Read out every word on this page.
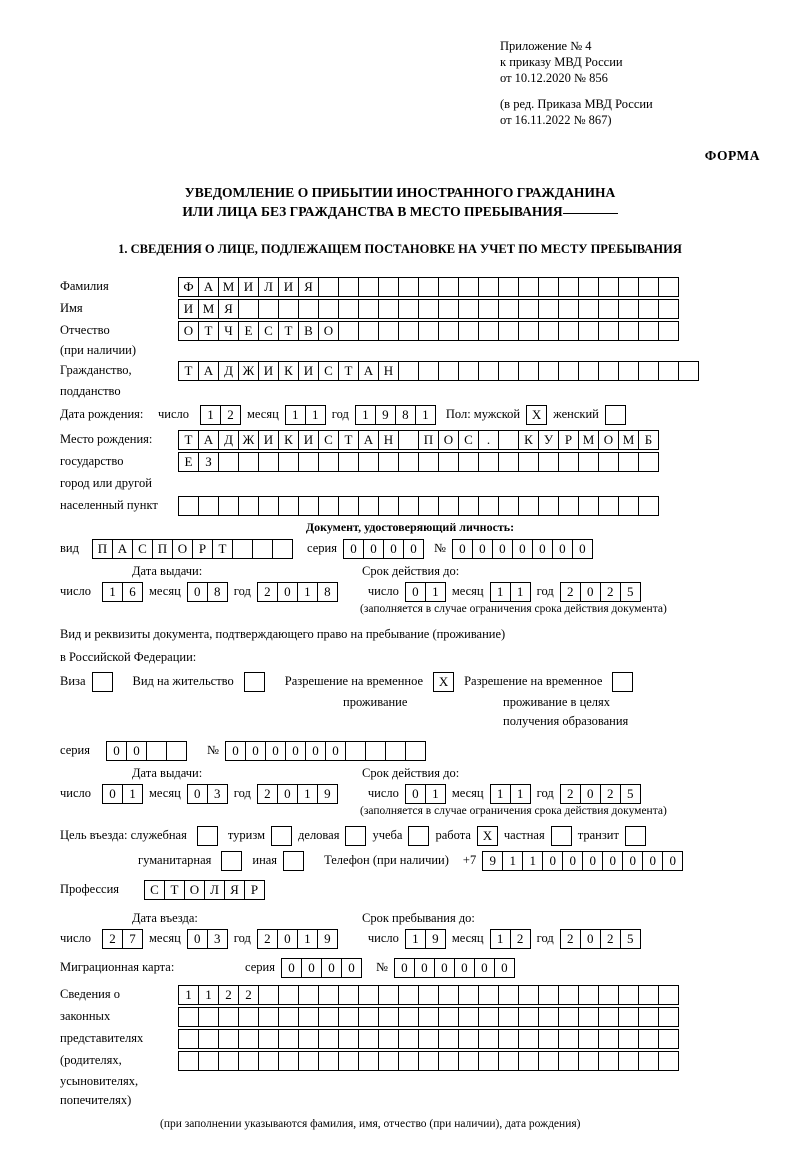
Приложение № 4
к приказу МВД России
от 10.12.2020 № 856
(в ред. Приказа МВД России
от 16.11.2022 № 867)
ФОРМА
УВЕДОМЛЕНИЕ О ПРИБЫТИИ ИНОСТРАННОГО ГРАЖДАНИНА
ИЛИ ЛИЦА БЕЗ ГРАЖДАНСТВА В МЕСТО ПРЕБЫВАНИЯ
1. СВЕДЕНИЯ О ЛИЦЕ, ПОДЛЕЖАЩЕМ ПОСТАНОВКЕ НА УЧЕТ ПО МЕСТУ ПРЕБЫВАНИЯ
Фамилия	Ф А М И Л И Я
Имя	И М Я
Отчество	О Т Ч Е С Т В О
(при наличии)
Гражданство,	Т А Д Ж И К И С Т А Н
подданство
Дата рождения:	число	1	2	месяц	1	1	год	1	9	8	1	Пол: мужской X женский
Место рождения:	Т А Д Ж И К И С Т А Н	П О С	.	К У Р М О М Б
государство	Е З
город или другой
населенный пункт
Документ, удостоверяющий личность:
вид	П А С П О Р Т	серия	0	0	0	0	№	0	0	0	0	0	0	0
Дата выдачи:	Срок действия до:
число	1	6	месяц	0	8	год	2	0	1	8	число	0	1	месяц	1	1	год	2	0	2	5
(заполняется в случае ограничения срока действия документа)
Вид и реквизиты документа, подтверждающего право на пребывание (проживание)
в Российской Федерации:
Виза	Вид на жительство	Разрешение на временное	X	Разрешение на временное
проживание	проживание в целях
получения образования
серия	0	0	№	0	0	0	0	0	0
Дата выдачи:	Срок действия до:
число	0	1	месяц	0	3	год	2	0	1	9	число	0	1	месяц	1	1	год	2	0	2	5
(заполняется в случае ограничения срока действия документа)
Цель въезда: служебная	туризм	деловая	учеба	работа X частная	транзит
гуманитарная	иная	Телефон (при наличии) +7	9	1	1	0	0	0	0	0	0	0
Профессия	С Т О Л Я Р
Дата въезда:	Срок пребывания до:
число	2	7	месяц	0	3	год	2	0	1	9	число	1	9	месяц	1	2	год	2	0	2	5
Миграционная карта:	серия	0	0	0	0	№	0	0	0	0	0	0
Сведения о	1	1	2	2
законных
представителях
(родителях,
усыновителях,
попечителях)
(при заполнении указываются фамилия, имя, отчество (при наличии), дата рождения)
